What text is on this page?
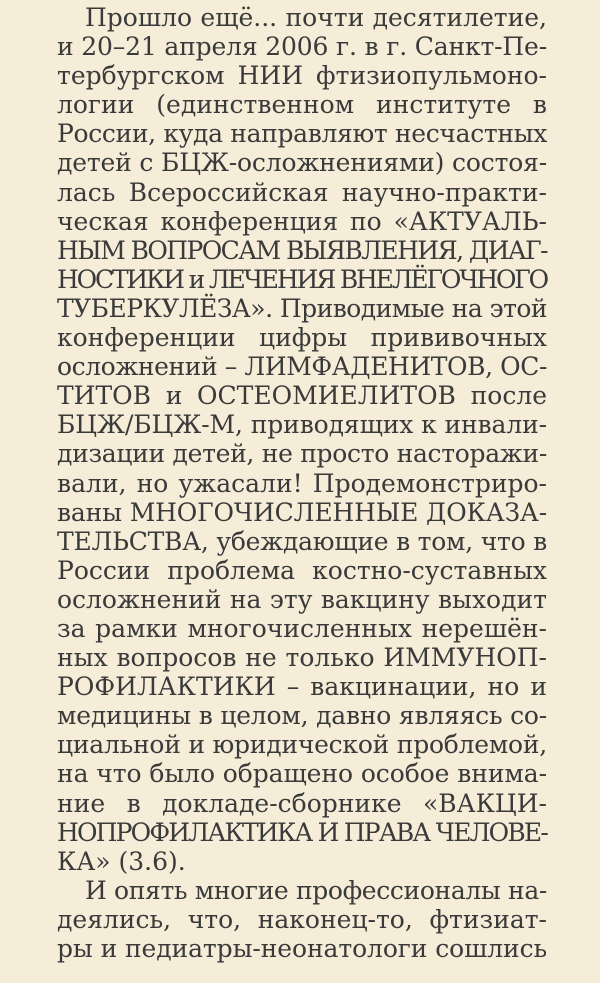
Прошло ещё... почти десятилетие,
и 20–21 апреля 2006 г. в г. Санкт-Пе-
тербургском НИИ фтизиопульмоно-
логии (единственном институте в
России, куда направляют несчастных
детей с БЦЖ-осложнениями) состоя-
лась Всероссийская научно-практи-
ческая конференция по «АКТУАЛЬ-
НЫМ ВОПРОСАМ ВЫЯВЛЕНИЯ, ДИАГ-
НОСТИКИ и ЛЕЧЕНИЯ ВНЕЛЁГОЧНОГО
ТУБЕРКУЛЁЗА». Приводимые на этой
конференции цифры прививочных
осложнений – ЛИМФАДЕНИТОВ, ОС-
ТИТОВ и ОСТЕОМИЕЛИТОВ после
БЦЖ/БЦЖ-М, приводящих к инвали-
дизации детей, не просто насторажи-
вали, но ужасали! Продемонстриро-
ваны МНОГОЧИСЛЕННЫЕ ДОКАЗА-
ТЕЛЬСТВА, убеждающие в том, что в
России проблема костно-суставных
осложнений на эту вакцину выходит
за рамки многочисленных нерешён-
ных вопросов не только ИММУНОП-
РОФИЛАКТИКИ – вакцинации, но и
медицины в целом, давно являясь со-
циальной и юридической проблемой,
на что было обращено особое внима-
ние в докладе-сборнике «ВАКЦИ-
НОПРОФИЛАКТИКА И ПРАВА ЧЕЛОВЕ-
КА» (3.6).
И опять многие профессионалы на-
деялись, что, наконец-то, фтизиат-
ры и педиатры-неонатологи сошлись
